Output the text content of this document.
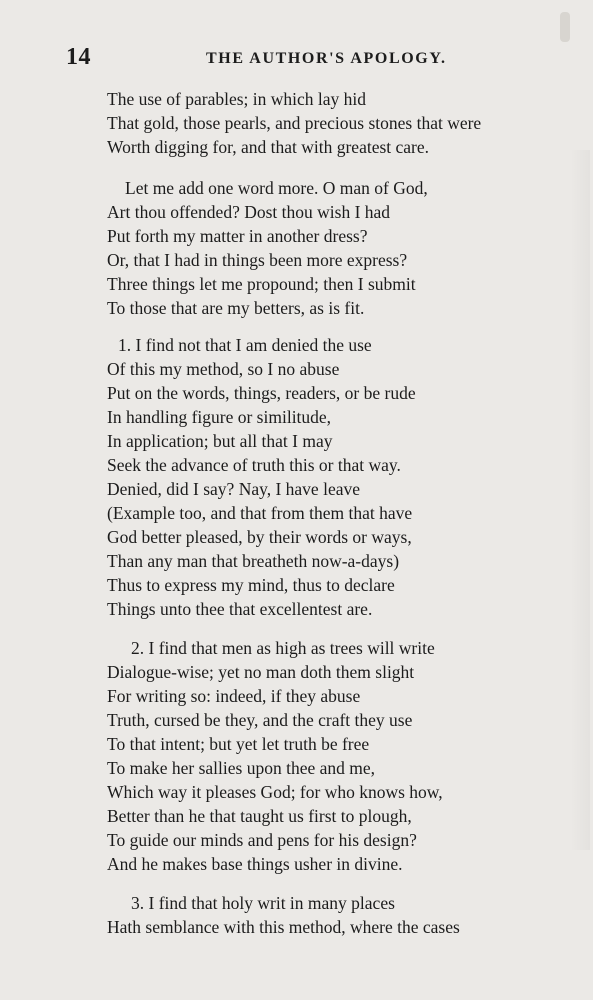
14	THE AUTHOR'S APOLOGY.
The use of parables; in which lay hid
That gold, those pearls, and precious stones that were
Worth digging for, and that with greatest care.
Let me add one word more. O man of God,
Art thou offended? Dost thou wish I had
Put forth my matter in another dress?
Or, that I had in things been more express?
Three things let me propound; then I submit
To those that are my betters, as is fit.
1. I find not that I am denied the use
Of this my method, so I no abuse
Put on the words, things, readers, or be rude
In handling figure or similitude,
In application; but all that I may
Seek the advance of truth this or that way.
Denied, did I say? Nay, I have leave
(Example too, and that from them that have
God better pleased, by their words or ways,
Than any man that breatheth now-a-days)
Thus to express my mind, thus to declare
Things unto thee that excellentest are.
2. I find that men as high as trees will write
Dialogue-wise; yet no man doth them slight
For writing so: indeed, if they abuse
Truth, cursed be they, and the craft they use
To that intent; but yet let truth be free
To make her sallies upon thee and me,
Which way it pleases God; for who knows how,
Better than he that taught us first to plough,
To guide our minds and pens for his design?
And he makes base things usher in divine.
3. I find that holy writ in many places
Hath semblance with this method, where the cases
